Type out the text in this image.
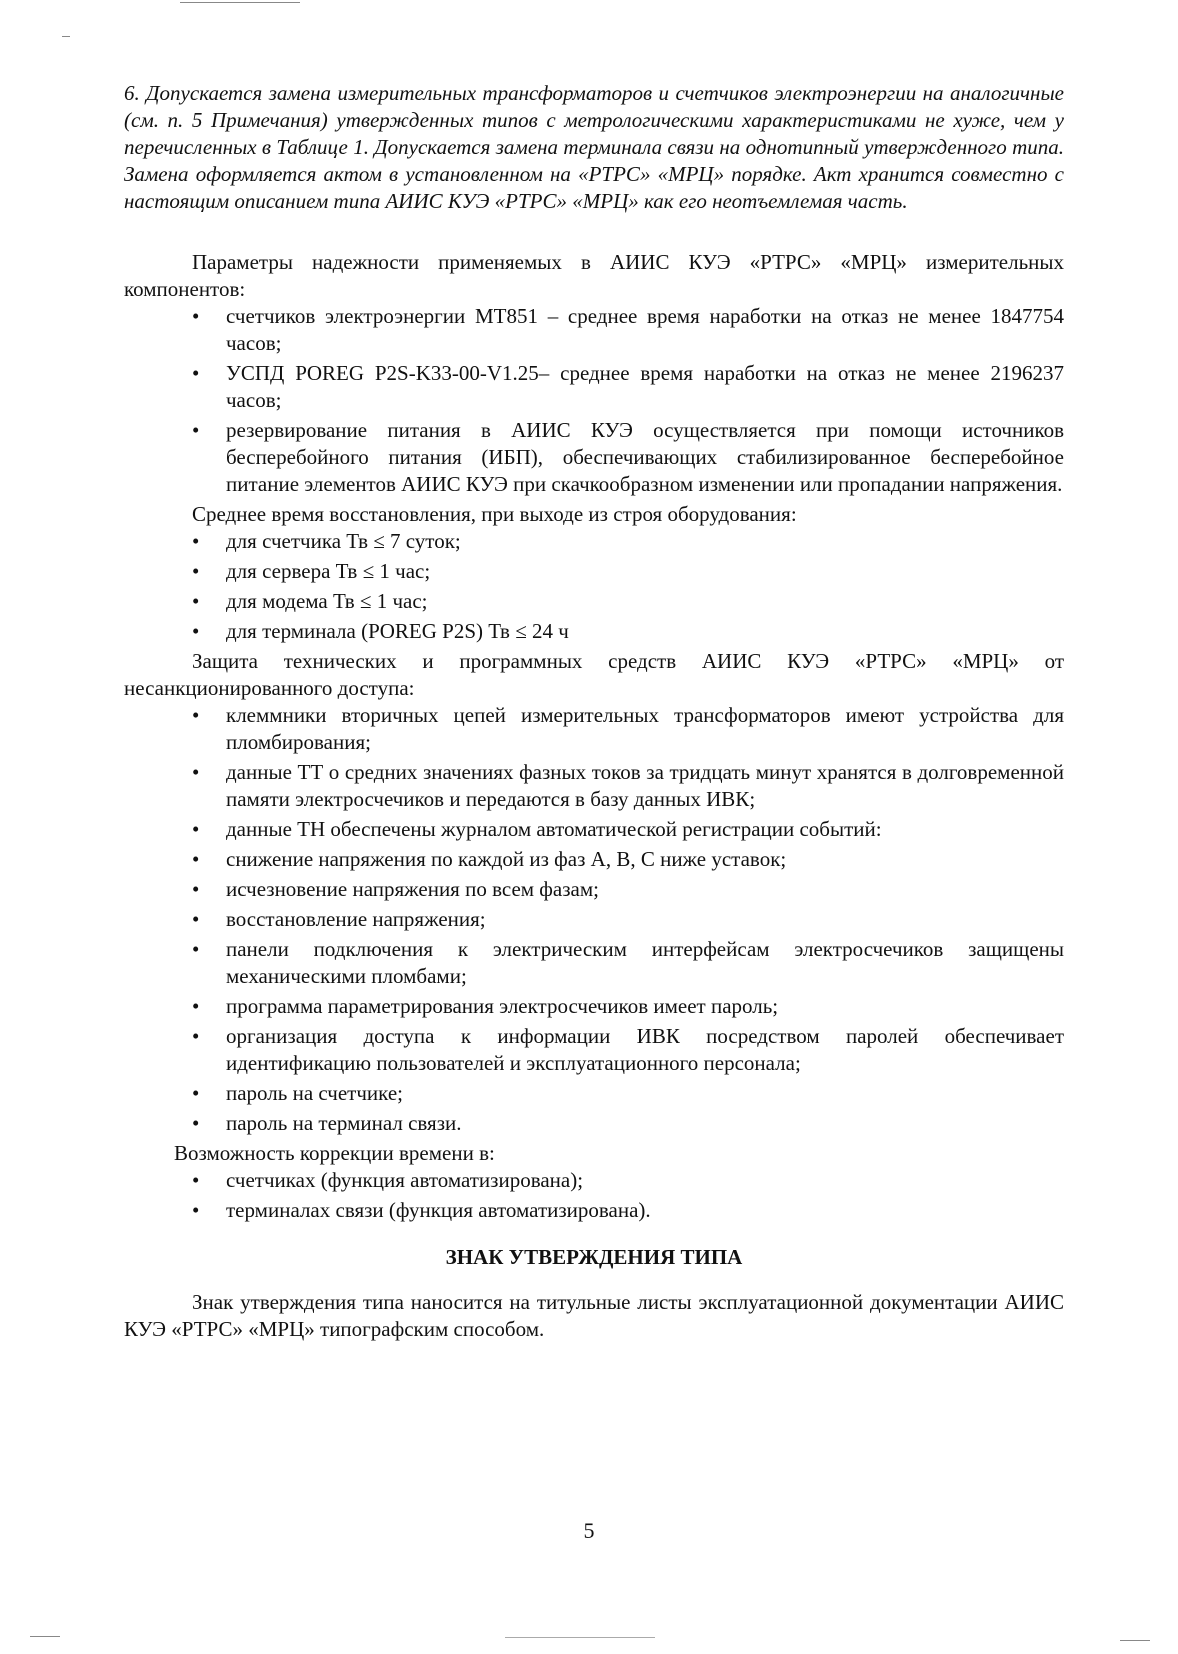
6. Допускается замена измерительных трансформаторов и счетчиков электроэнергии на аналогичные (см. п. 5 Примечания) утвержденных типов с метрологическими характеристиками не хуже, чем у перечисленных в Таблице 1. Допускается замена терминала связи на однотипный утвержденного типа. Замена оформляется актом в установленном на «РТРС» «МРЦ» порядке. Акт хранится совместно с настоящим описанием типа АИИС КУЭ «РТРС» «МРЦ» как его неотъемлемая часть.

Параметры надежности применяемых в АИИС КУЭ «РТРС» «МРЦ» измерительных компонентов:

• счетчиков электроэнергии МТ851 – среднее время наработки на отказ не менее 1847754 часов;
• УСПД POREG P2S-K33-00-V1.25– среднее время наработки на отказ не менее 2196237 часов;
• резервирование питания в АИИС КУЭ осуществляется при помощи источников бесперебойного питания (ИБП), обеспечивающих стабилизированное бесперебойное питание элементов АИИС КУЭ при скачкообразном изменении или пропадании напряжения.

Среднее время восстановления, при выходе из строя оборудования:

• для счетчика Тв ≤ 7 суток;
• для сервера Тв ≤ 1 час;
• для модема Тв ≤ 1 час;
• для терминала (POREG P2S) Тв ≤ 24 ч

Защита технических и программных средств АИИС КУЭ «РТРС» «МРЦ» от несанкционированного доступа:

• клеммники вторичных цепей измерительных трансформаторов имеют устройства для пломбирования;
• данные ТТ о средних значениях фазных токов за тридцать минут хранятся в долговременной памяти электросчечиков и передаются в базу данных ИВК;
• данные ТН обеспечены журналом автоматической регистрации событий:
• снижение напряжения по каждой из фаз А, В, С ниже уставок;
• исчезновение напряжения по всем фазам;
• восстановление напряжения;
• панели подключения к электрическим интерфейсам электросчечиков защищены механическими пломбами;
• программа параметрирования электросчечиков имеет пароль;
• организация доступа к информации ИВК посредством паролей обеспечивает идентификацию пользователей и эксплуатационного персонала;
• пароль на счетчике;
• пароль на терминал связи.

Возможность коррекции времени в:

• счетчиках (функция автоматизирована);
• терминалах связи (функция автоматизирована).
ЗНАК УТВЕРЖДЕНИЯ ТИПА

Знак утверждения типа наносится на титульные листы эксплуатационной документации АИИС КУЭ «РТРС» «МРЦ» типографским способом.

5
